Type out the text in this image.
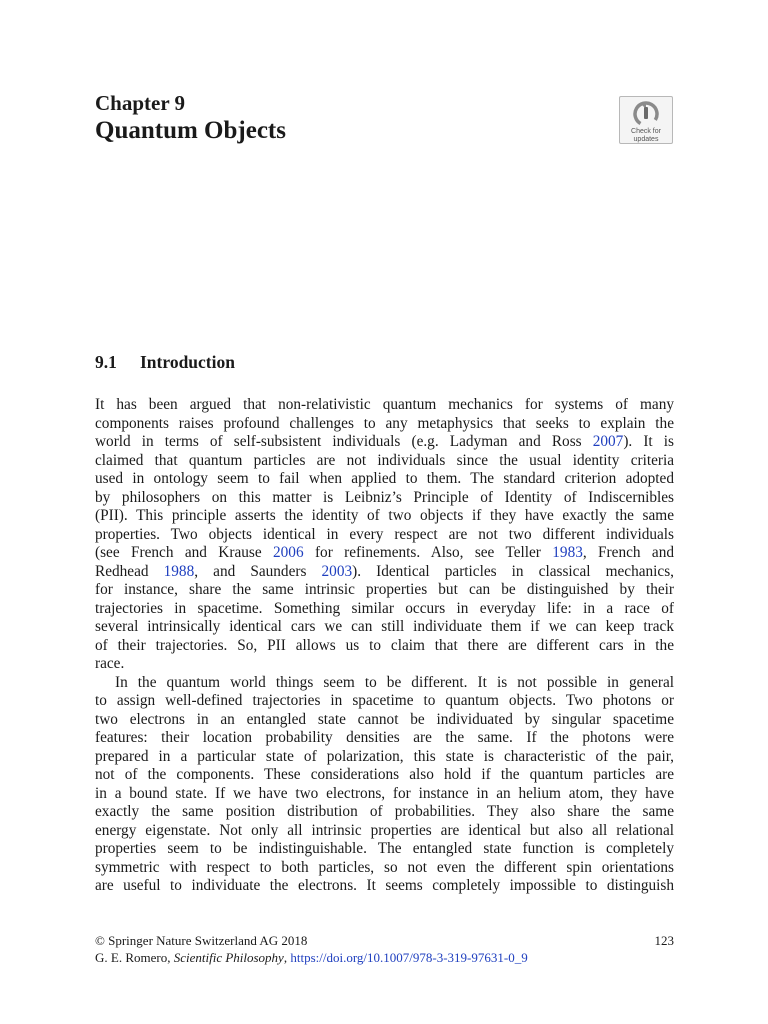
Chapter 9
Quantum Objects	Check for
updates
9.1 Introduction
It has been argued that non-relativistic quantum mechanics for systems of many
components raises profound challenges to any metaphysics that seeks to explain the
world in terms of self-subsistent individuals (e.g. Ladyman and Ross 2007). It is
claimed that quantum particles are not individuals since the usual identity criteria
used in ontology seem to fail when applied to them. The standard criterion adopted
by philosophers on this matter is Leibniz’s Principle of Identity of Indiscernibles
(PII). This principle asserts the identity of two objects if they have exactly the same
properties. Two objects identical in every respect are not two different individuals
(see French and Krause 2006 for refinements. Also, see Teller 1983, French and
Redhead 1988, and Saunders 2003). Identical particles in classical mechanics,
for instance, share the same intrinsic properties but can be distinguished by their
trajectories in spacetime. Something similar occurs in everyday life: in a race of
several intrinsically identical cars we can still individuate them if we can keep track
of their trajectories. So, PII allows us to claim that there are different cars in the
race.
In the quantum world things seem to be different. It is not possible in general
to assign well-defined trajectories in spacetime to quantum objects. Two photons or
two electrons in an entangled state cannot be individuated by singular spacetime
features: their location probability densities are the same. If the photons were
prepared in a particular state of polarization, this state is characteristic of the pair,
not of the components. These considerations also hold if the quantum particles are
in a bound state. If we have two electrons, for instance in an helium atom, they have
exactly the same position distribution of probabilities. They also share the same
energy eigenstate. Not only all intrinsic properties are identical but also all relational
properties seem to be indistinguishable. The entangled state function is completely
symmetric with respect to both particles, so not even the different spin orientations
are useful to individuate the electrons. It seems completely impossible to distinguish
© Springer Nature Switzerland AG 2018	123
G. E. Romero, Scientific Philosophy, https://doi.org/10.1007/978-3-319-97631-0_9
